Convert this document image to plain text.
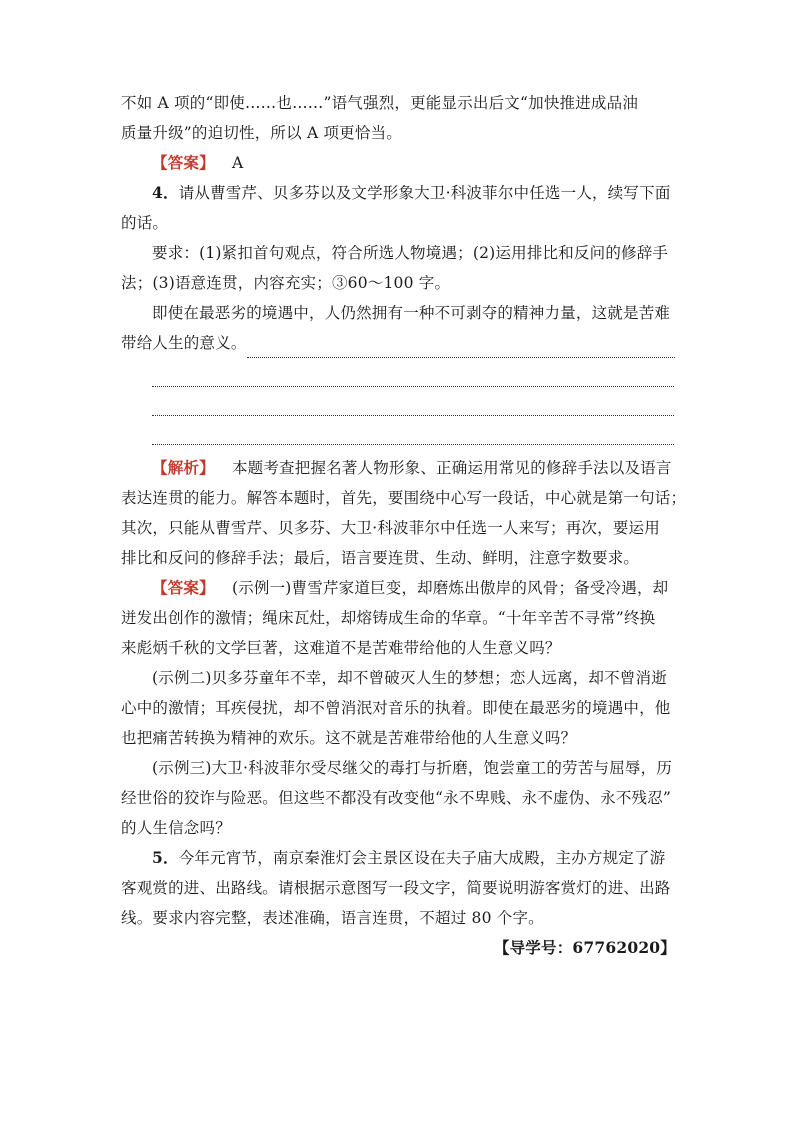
不如 A 项的“即使……也……”语气强烈，更能显示出后文“加快推进成品油
质量升级”的迫切性，所以 A 项更恰当。
【答案】 A
4．请从曹雪芹、贝多芬以及文学形象大卫·科波菲尔中任选一人，续写下面
的话。
要求：(1)紧扣首句观点，符合所选人物境遇；(2)运用排比和反问的修辞手
法；(3)语意连贯，内容充实；③60～100 字。
即使在最恶劣的境遇中，人仍然拥有一种不可剥夺的精神力量，这就是苦难
带给人生的意义。
【解析】 本题考查把握名著人物形象、正确运用常见的修辞手法以及语言
表达连贯的能力。解答本题时，首先，要围绕中心写一段话，中心就是第一句话；
其次，只能从曹雪芹、贝多芬、大卫·科波菲尔中任选一人来写；再次，要运用
排比和反问的修辞手法；最后，语言要连贯、生动、鲜明，注意字数要求。
【答案】 (示例一)曹雪芹家道巨变，却磨炼出傲岸的风骨；备受冷遇，却
迸发出创作的激情；绳床瓦灶，却熔铸成生命的华章。“十年辛苦不寻常”终换
来彪炳千秋的文学巨著，这难道不是苦难带给他的人生意义吗？
(示例二)贝多芬童年不幸，却不曾破灭人生的梦想；恋人远离，却不曾消逝
心中的激情；耳疾侵扰，却不曾消泯对音乐的执着。即使在最恶劣的境遇中，他
也把痛苦转换为精神的欢乐。这不就是苦难带给他的人生意义吗？
(示例三)大卫·科波菲尔受尽继父的毒打与折磨，饱尝童工的劳苦与屈辱，历
经世俗的狡诈与险恶。但这些不都没有改变他“永不卑贱、永不虚伪、永不残忍”
的人生信念吗？
5．今年元宵节，南京秦淮灯会主景区设在夫子庙大成殿，主办方规定了游
客观赏的进、出路线。请根据示意图写一段文字，简要说明游客赏灯的进、出路
线。要求内容完整，表述准确，语言连贯，不超过 80 个字。
【导学号：67762020】
